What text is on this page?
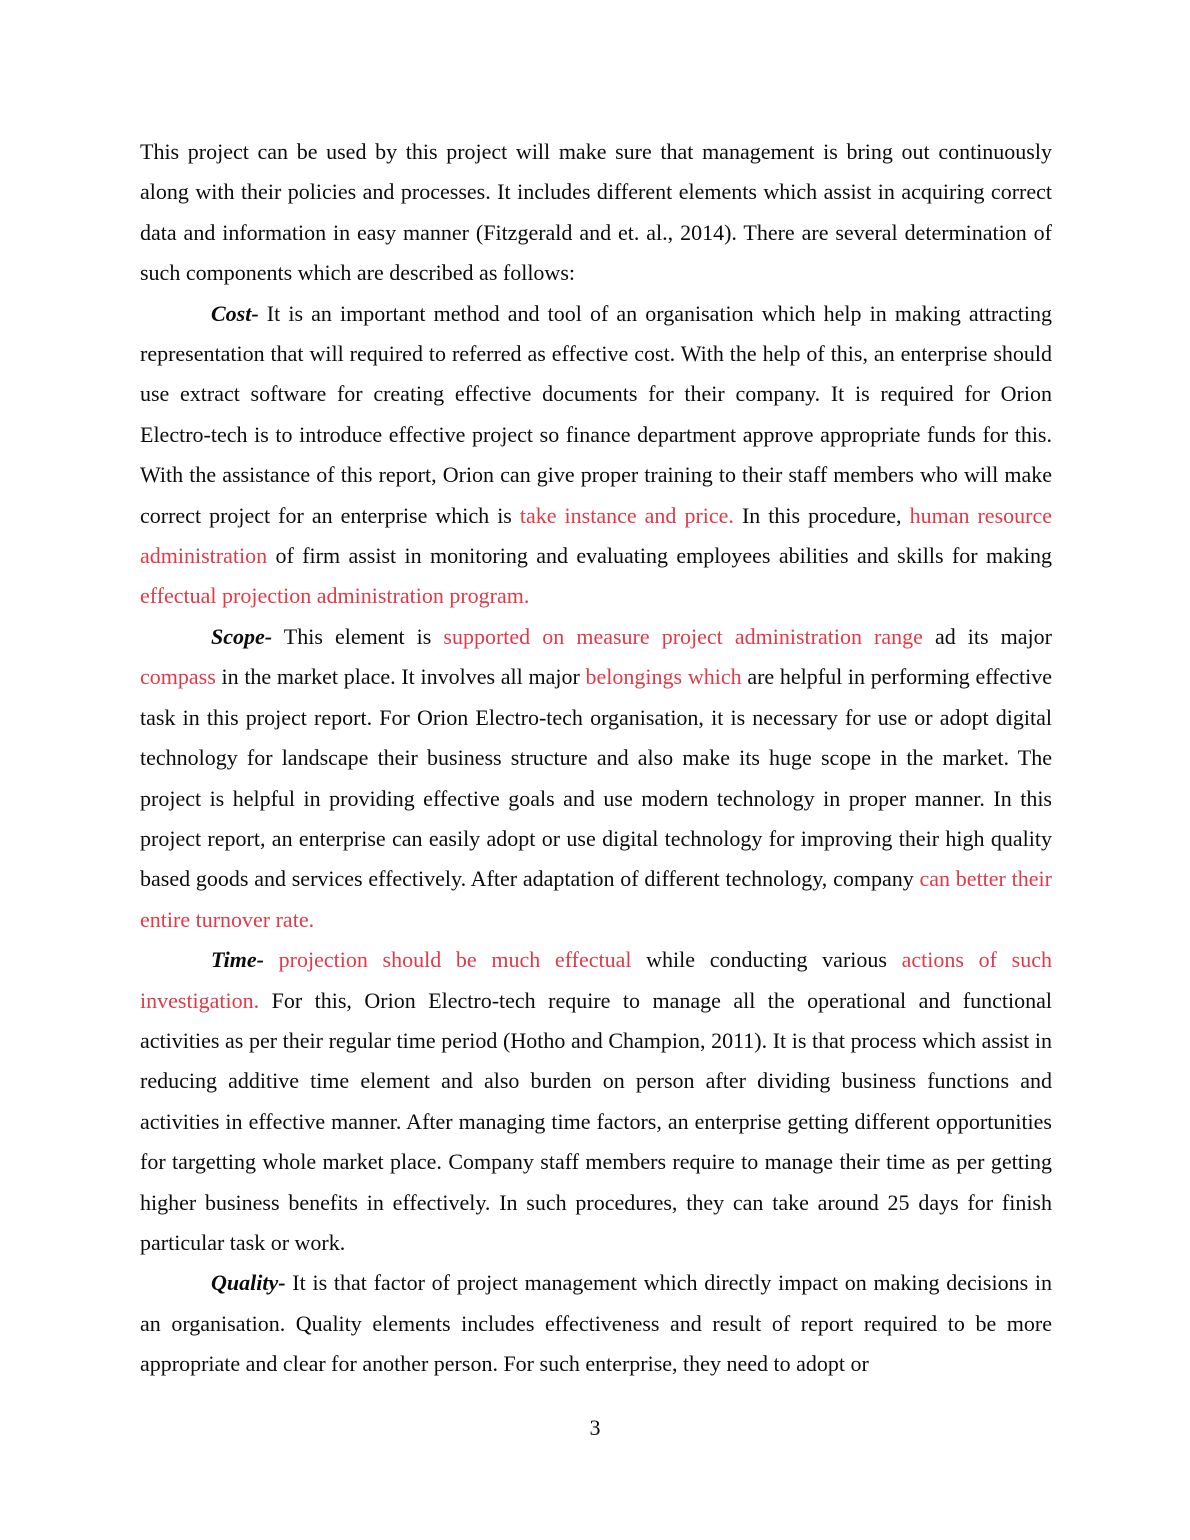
This project can be used by this project will make sure that management is bring out continuously along with their policies and processes. It includes different elements which assist in acquiring correct data and information in easy manner (Fitzgerald and et. al., 2014). There are several determination of such components which are described as follows:

Cost- It is an important method and tool of an organisation which help in making attracting representation that will required to referred as effective cost. With the help of this, an enterprise should use extract software for creating effective documents for their company. It is required for Orion Electro-tech is to introduce effective project so finance department approve appropriate funds for this. With the assistance of this report, Orion can give proper training to their staff members who will make correct project for an enterprise which is take instance and price. In this procedure, human resource administration of firm assist in monitoring and evaluating employees abilities and skills for making effectual projection administration program.

Scope- This element is supported on measure project administration range ad its major compass in the market place. It involves all major belongings which are helpful in performing effective task in this project report. For Orion Electro-tech organisation, it is necessary for use or adopt digital technology for landscape their business structure and also make its huge scope in the market. The project is helpful in providing effective goals and use modern technology in proper manner. In this project report, an enterprise can easily adopt or use digital technology for improving their high quality based goods and services effectively. After adaptation of different technology, company can better their entire turnover rate.

Time- projection should be much effectual while conducting various actions of such investigation. For this, Orion Electro-tech require to manage all the operational and functional activities as per their regular time period (Hotho and Champion, 2011). It is that process which assist in reducing additive time element and also burden on person after dividing business functions and activities in effective manner. After managing time factors, an enterprise getting different opportunities for targetting whole market place. Company staff members require to manage their time as per getting higher business benefits in effectively. In such procedures, they can take around 25 days for finish particular task or work.

Quality- It is that factor of project management which directly impact on making decisions in an organisation. Quality elements includes effectiveness and result of report required to be more appropriate and clear for another person. For such enterprise, they need to adopt or

3
